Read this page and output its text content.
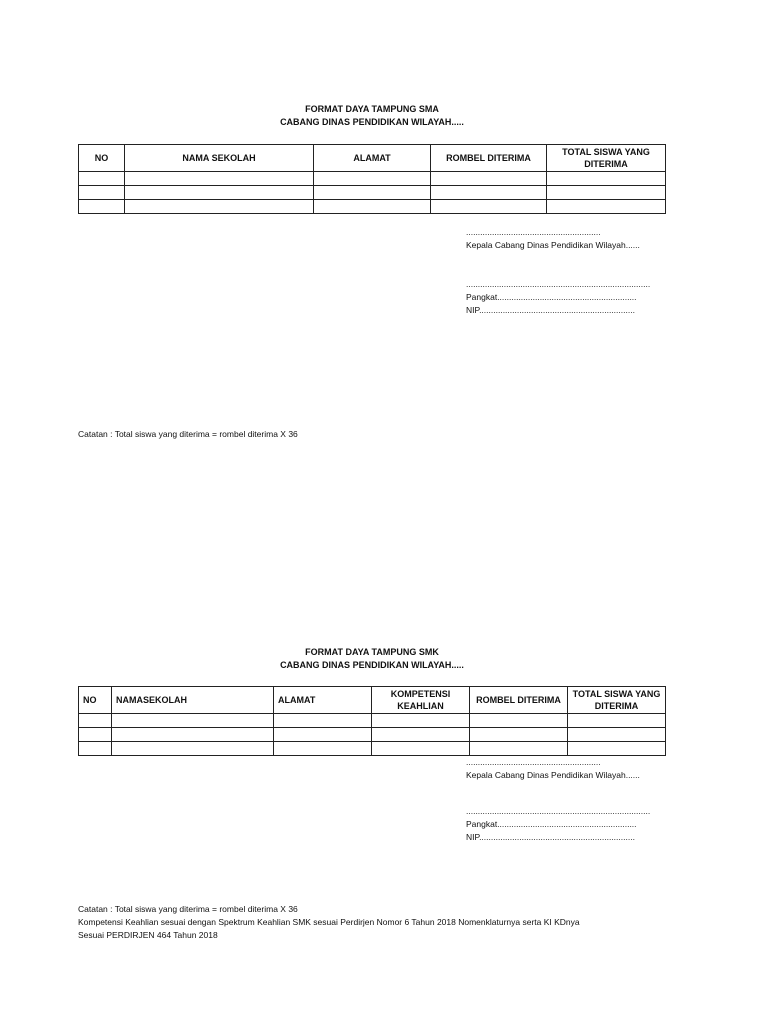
FORMAT DAYA TAMPUNG SMA
CABANG DINAS PENDIDIKAN WILAYAH.....
NO	NAMA SEKOLAH	ALAMAT	ROMBEL DITERIMA	TOTAL SISWA YANG DITERIMA

.........................................................
Kepala Cabang Dinas Pendidikan Wilayah......
..............................................................................
Pangkat...........................................................
NIP..................................................................
Catatan : Total siswa yang diterima = rombel diterima X 36
FORMAT DAYA TAMPUNG SMK
CABANG DINAS PENDIDIKAN WILAYAH.....
NO	NAMASEKOLAH	ALAMAT	KOMPETENSI KEAHLIAN	ROMBEL DITERIMA	TOTAL SISWA YANG DITERIMA

.........................................................
Kepala Cabang Dinas Pendidikan Wilayah......
..............................................................................
Pangkat...........................................................
NIP..................................................................
Catatan : Total siswa yang diterima = rombel diterima X 36
Kompetensi Keahlian sesuai dengan Spektrum Keahlian SMK sesuai Perdirjen Nomor 6 Tahun 2018 Nomenklaturnya serta KI KDnya
Sesuai PERDIRJEN 464 Tahun 2018
